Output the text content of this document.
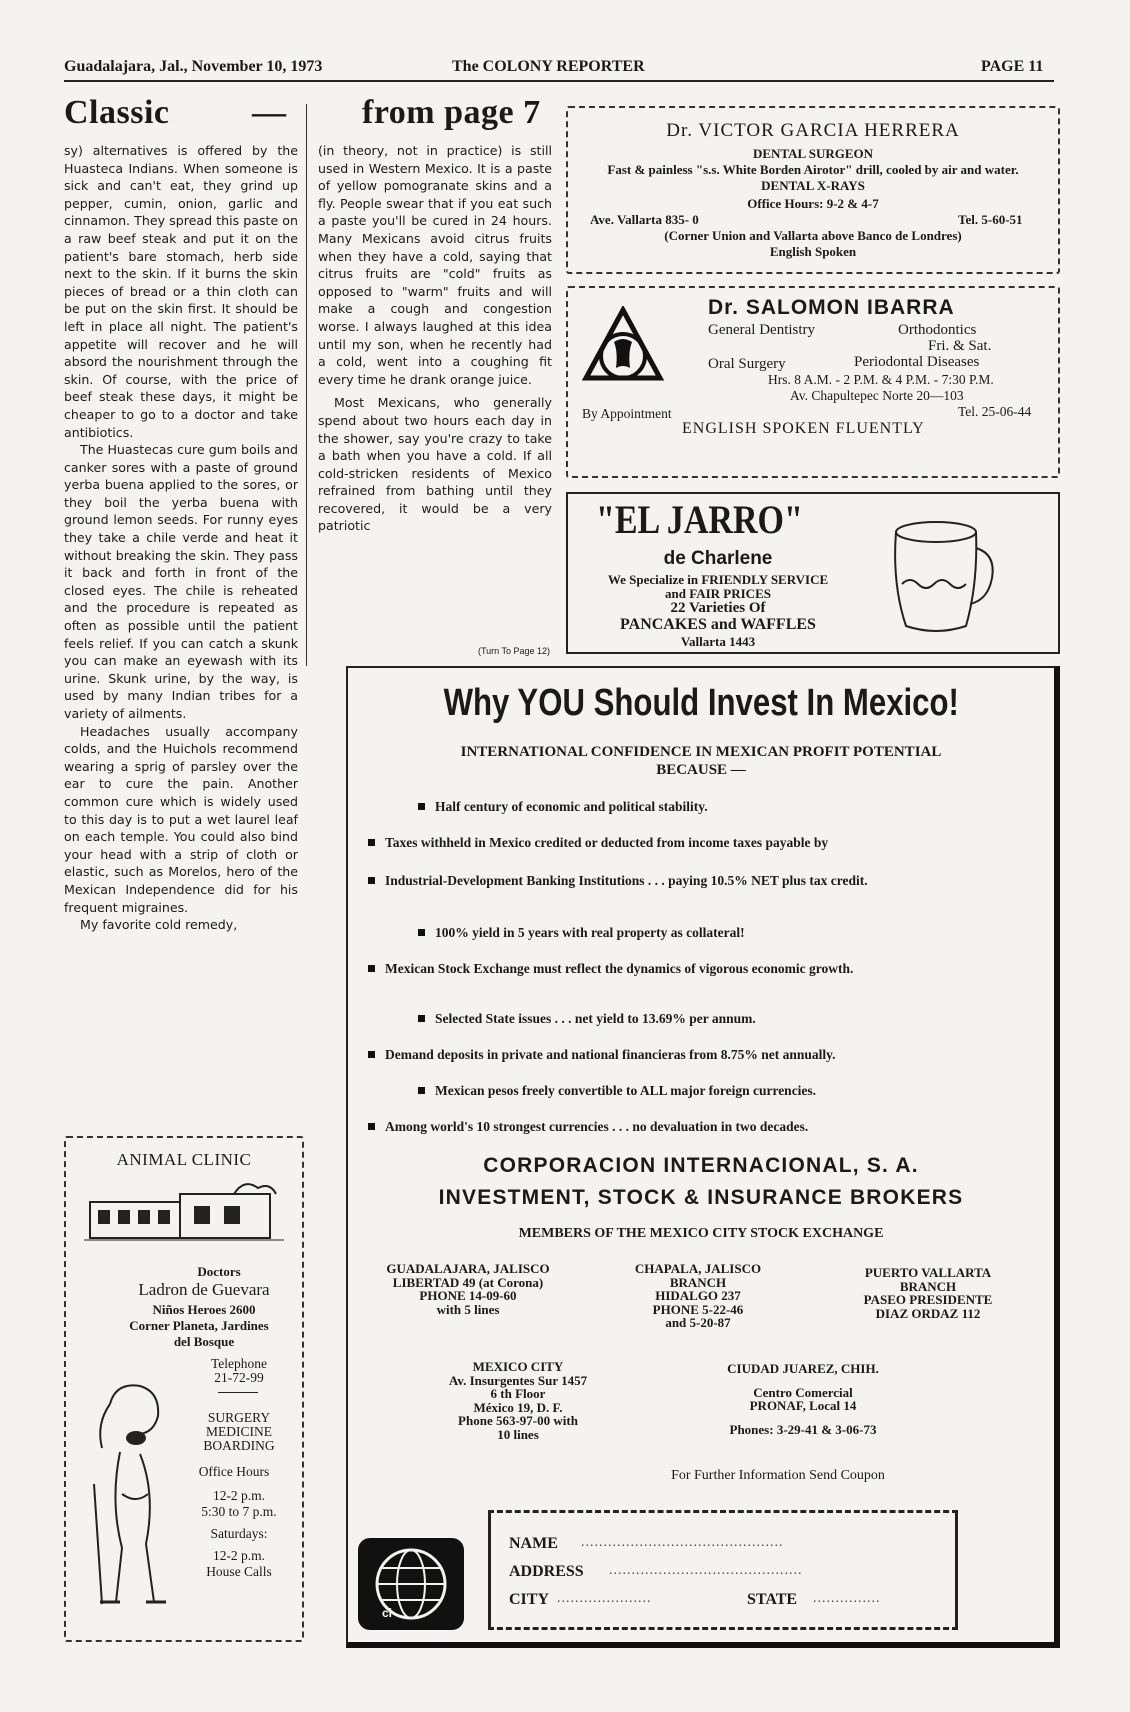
Guadalajara, Jal., November 10, 1973	The COLONY REPORTER	PAGE 11
Classic — from page 7

sy) alternatives is offered by the Huasteca Indians. When someone is sick and can't eat, they grind up pepper, cumin, onion, garlic and cinnamon. They spread this paste on a raw beef steak and put it on the patient's bare stomach, herb side next to the skin. If it burns the skin pieces of bread or a thin cloth can be put on the skin first. It should be left in place all night. The patient's appetite will recover and he will absord the nourishment through the skin. Of course, with the price of beef steak these days, it might be cheaper to go to a doctor and take antibiotics.

The Huastecas cure gum boils and canker sores with a paste of ground yerba buena applied to the sores, or they boil the yerba buena with ground lemon seeds. For runny eyes they take a chile verde and heat it without breaking the skin. They pass it back and forth in front of the closed eyes. The chile is reheated and the procedure is repeated as often as possible until the patient feels relief. If you can catch a skunk you can make an eyewash with its urine. Skunk urine, by the way, is used by many Indian tribes for a variety of ailments.

Headaches usually accompany colds, and the Huichols recommend wearing a sprig of parsley over the ear to cure the pain. Another common cure which is widely used to this day is to put a wet laurel leaf on each temple. You could also bind your head with a strip of cloth or elastic, such as Morelos, hero of the Mexican Independence did for his frequent migraines.

My favorite cold remedy,

(in theory, not in practice) is still used in Western Mexico. It is a paste of yellow pomogranate skins and a fly. People swear that if you eat such a paste you'll be cured in 24 hours. Many Mexicans avoid citrus fruits when they have a cold, saying that citrus fruits are "cold" fruits as opposed to "warm" fruits and will make a cough and congestion worse. I always laughed at this idea until my son, when he recently had a cold, went into a coughing fit every time he drank orange juice.

Most Mexicans, who generally spend about two hours each day in the shower, say you're crazy to take a bath when you have a cold. If all cold-stricken residents of Mexico refrained from bathing until they recovered, it would be a very patriotic

(Turn To Page 12)
Dr. VICTOR GARCIA HERRERA
DENTAL SURGEON
Fast & painless "s.s. White Borden Airotor" drill, cooled by air and water. DENTAL X-RAYS
Office Hours: 9-2 & 4-7
Ave. Vallarta 835- 0	Tel. 5-60-51
(Corner Union and Vallarta above Banco de Londres)
English Spoken
Dr. SALOMON IBARRA
General Dentistry	Orthodontics
Fri. & Sat.
Oral Surgery	Periodontal Diseases
Hrs. 8 A.M. - 2 P.M. & 4 P.M. - 7:30 P.M.
Av. Chapultepec Norte 20—103
By Appointment	Tel. 25-06-44
ENGLISH SPOKEN FLUENTLY
"EL JARRO"
de Charlene
We Specialize in FRIENDLY SERVICE
and FAIR PRICES
22 Varieties Of
PANCAKES and WAFFLES
Vallarta 1443
Why YOU Should Invest In Mexico!
INTERNATIONAL CONFIDENCE IN MEXICAN PROFIT POTENTIAL
BECAUSE —
Half century of economic and political stability.
Taxes withheld in Mexico credited or deducted from income taxes payable by
Industrial-Development Banking Institutions . . . paying 10.5% NET plus tax credit.
100% yield in 5 years with real property as collateral!
Mexican Stock Exchange must reflect the dynamics of vigorous economic growth.
Selected State issues . . . net yield to 13.69% per annum.
Demand deposits in private and national financieras from 8.75% net annually.
Mexican pesos freely convertible to ALL major foreign currencies.
Among world's 10 strongest currencies . . . no devaluation in two decades.
CORPORACION INTERNACIONAL, S. A.
INVESTMENT, STOCK & INSURANCE BROKERS
MEMBERS OF THE MEXICO CITY STOCK EXCHANGE
GUADALAJARA, JALISCO
LIBERTAD 49 (at Corona)
PHONE 14-09-60
with 5 lines
CHAPALA, JALISCO
BRANCH
HIDALGO 237
PHONE 5-22-46
and 5-20-87
PUERTO VALLARTA
BRANCH
PASEO PRESIDENTE
DIAZ ORDAZ 112
MEXICO CITY
Av. Insurgentes Sur 1457
6 th Floor
México 19, D. F.
Phone 563-97-00 with
10 lines
CIUDAD JUAREZ, CHIH.
Centro Comercial
PRONAF, Local 14
Phones: 3-29-41 & 3-06-73
For Further Information Send Coupon
ci
NAME .............................................
ADDRESS ...........................................
CITY .....................	STATE ...............
ANIMAL CLINIC
Doctors
Ladron de Guevara
Niños Heroes 2600
Corner Planeta, Jardines
del Bosque
Telephone
21-72-99
SURGERY
MEDICINE
BOARDING
Office Hours
12-2 p.m.
5:30 to 7 p.m.
Saturdays:
12-2 p.m.
House Calls
